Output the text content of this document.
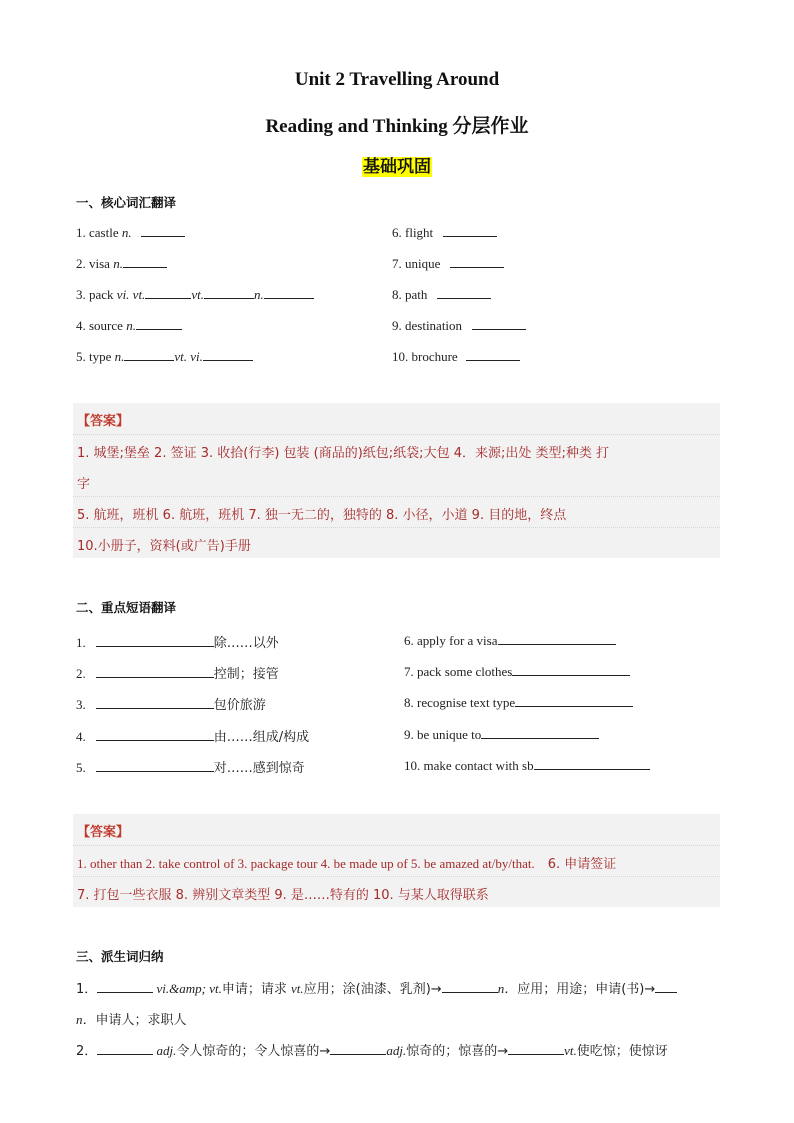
Unit 2 Travelling Around
Reading and Thinking 分层作业
基础巩固
一、核心词汇翻译
1. castle n.
2. visa n.
3. pack vi. vt.	vt.	n.
4. source n.
5. type n.	vt. vi.
6. flight
7. unique
8. path
9. destination
10. brochure
【答案】
1. 城堡;堡垒 2. 签证 3. 收拾(行李) 包装 (商品的)纸包;纸袋;大包 4．来源;出处 类型;种类 打
字
5. 航班，班机 6. 航班，班机 7. 独一无二的，独特的 8. 小径，小道 9. 目的地，终点
10.小册子，资料(或广告)手册
二、重点短语翻译
1.	除……以外
2.	控制；接管
3.	包价旅游
4.	由……组成/构成
5.	对……感到惊奇
6. apply for a visa
7. pack some clothes
8. recognise text type
9. be unique to
10. make contact with sb
【答案】
1. other than 2. take control of 3. package tour 4. be made up of 5. be amazed at/by/that. 6. 申请签证
7. 打包一些衣服 8. 辨别文章类型 9. 是……特有的 10. 与某人取得联系
三、派生词归纳
1．	vi.&amp; vt.申请；请求 vt.应用；涂(油漆、乳剂)→	n．应用；用途；申请(书)→
n．申请人；求职人
2．	adj.令人惊奇的；令人惊喜的→	adj.惊奇的；惊喜的→	vt.使吃惊；使惊讶
